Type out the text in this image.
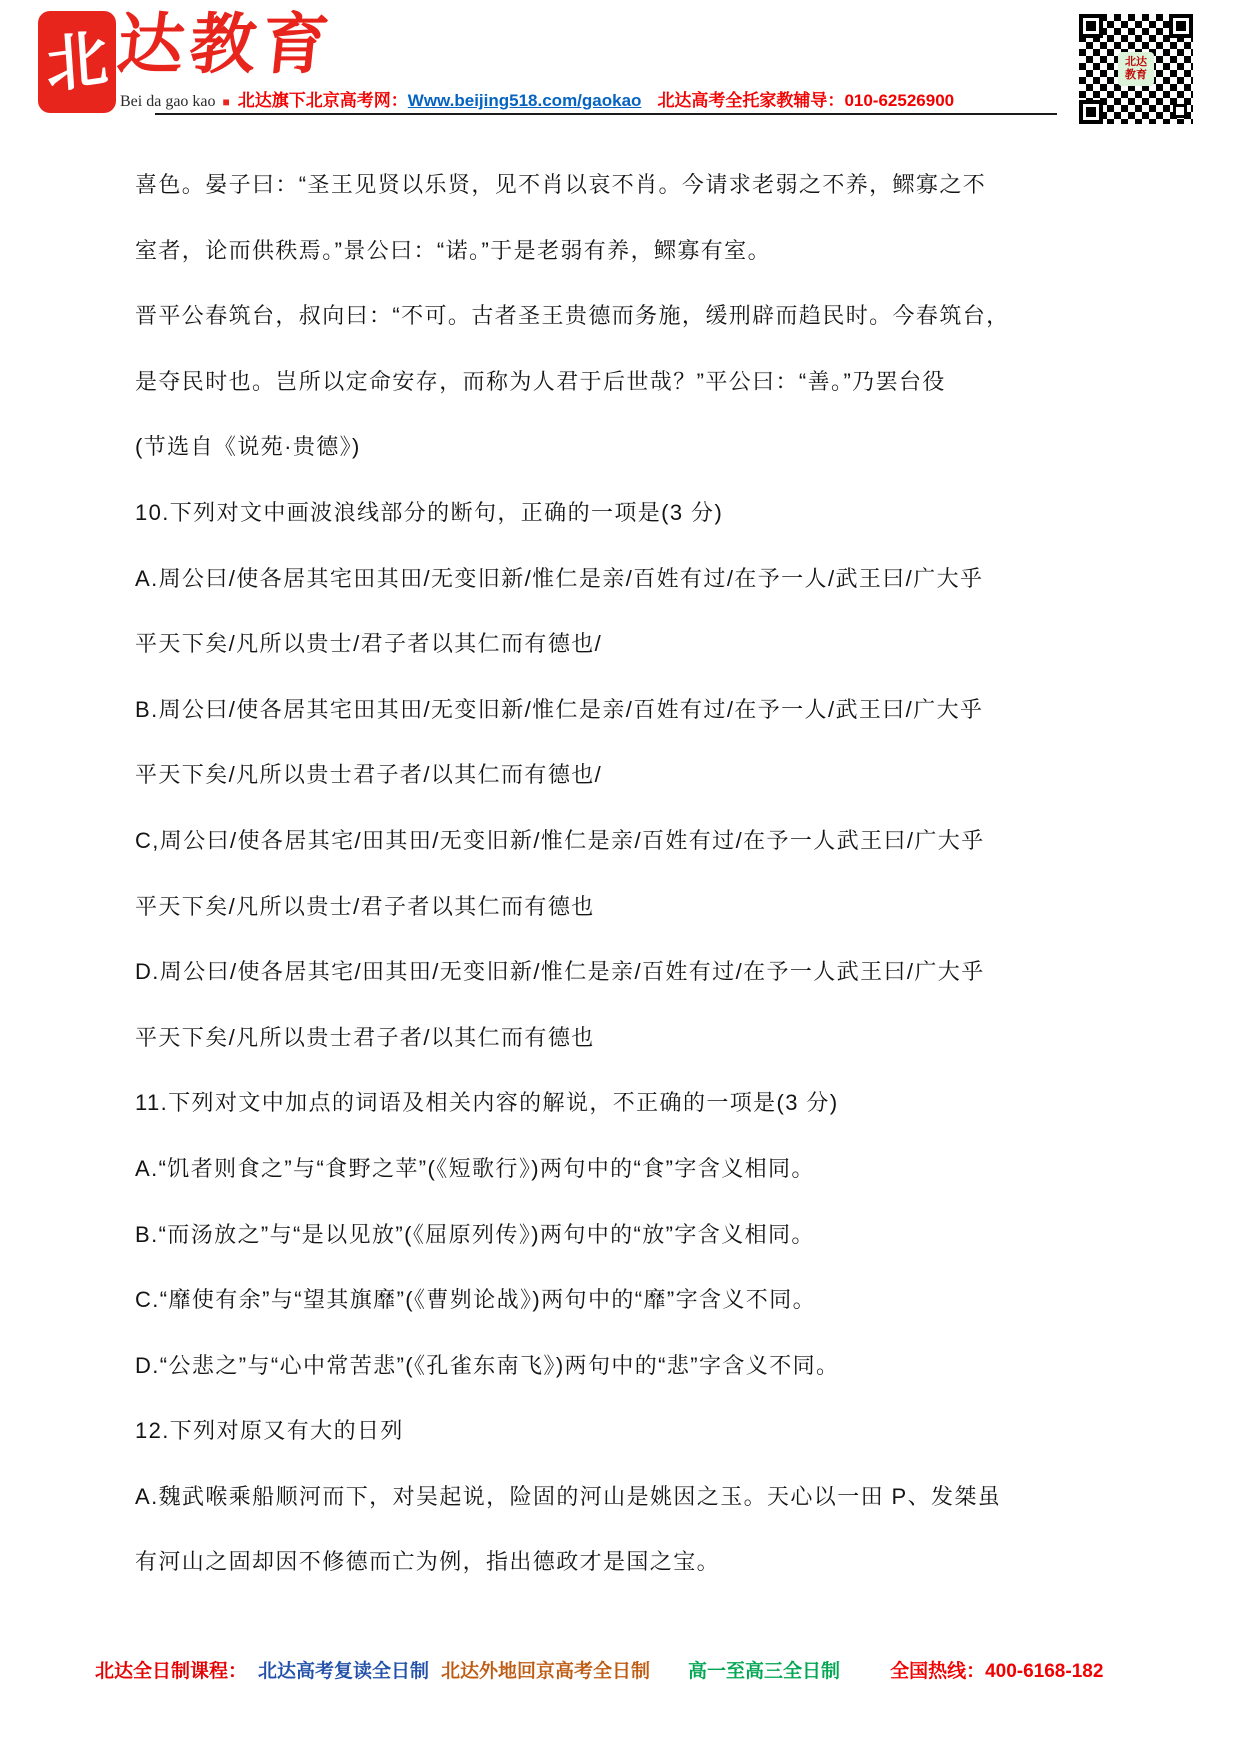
北 达教育
Bei da gao kao ■ 北达旗下北京高考网：Www.beijing518.com/gaokao 北达高考全托家教辅导：010-62526900
北达
教育
喜色。晏子曰：“圣王见贤以乐贤，见不肖以哀不肖。今请求老弱之不养，鳏寡之不
室者，论而供秩焉。”景公曰：“诺。”于是老弱有养，鳏寡有室。
晋平公春筑台，叔向曰：“不可。古者圣王贵德而务施，缓刑辟而趋民时。今春筑台，
是夺民时也。岂所以定命安存，而称为人君于后世哉？”平公曰：“善。”乃罢台役
(节选自《说苑·贵德》)
10.下列对文中画波浪线部分的断句，正确的一项是(3 分)
A.周公曰/使各居其宅田其田/无变旧新/惟仁是亲/百姓有过/在予一人/武王曰/广大乎
平天下矣/凡所以贵士/君子者以其仁而有德也/
B.周公曰/使各居其宅田其田/无变旧新/惟仁是亲/百姓有过/在予一人/武王曰/广大乎
平天下矣/凡所以贵士君子者/以其仁而有德也/
C,周公曰/使各居其宅/田其田/无变旧新/惟仁是亲/百姓有过/在予一人武王曰/广大乎
平天下矣/凡所以贵士/君子者以其仁而有德也
D.周公曰/使各居其宅/田其田/无变旧新/惟仁是亲/百姓有过/在予一人武王曰/广大乎
平天下矣/凡所以贵士君子者/以其仁而有德也
11.下列对文中加点的词语及相关内容的解说，不正确的一项是(3 分)
A.“饥者则食之”与“食野之苹”(《短歌行》)两句中的“食”字含义相同。
B.“而汤放之”与“是以见放”(《屈原列传》)两句中的“放”字含义相同。
C.“靡使有余”与“望其旗靡”(《曹刿论战》)两句中的“靡”字含义不同。
D.“公悲之”与“心中常苦悲”(《孔雀东南飞》)两句中的“悲”字含义不同。
12.下列对原又有大的日列
A.魏武喉乘船顺河而下，对吴起说，险固的河山是姚因之玉。天心以一田 P、发桀虽
有河山之固却因不修德而亡为例，指出德政才是国之宝。
北达全日制课程： 北达高考复读全日制 北达外地回京高考全日制 高一至高三全日制	全国热线：400-6168-182
